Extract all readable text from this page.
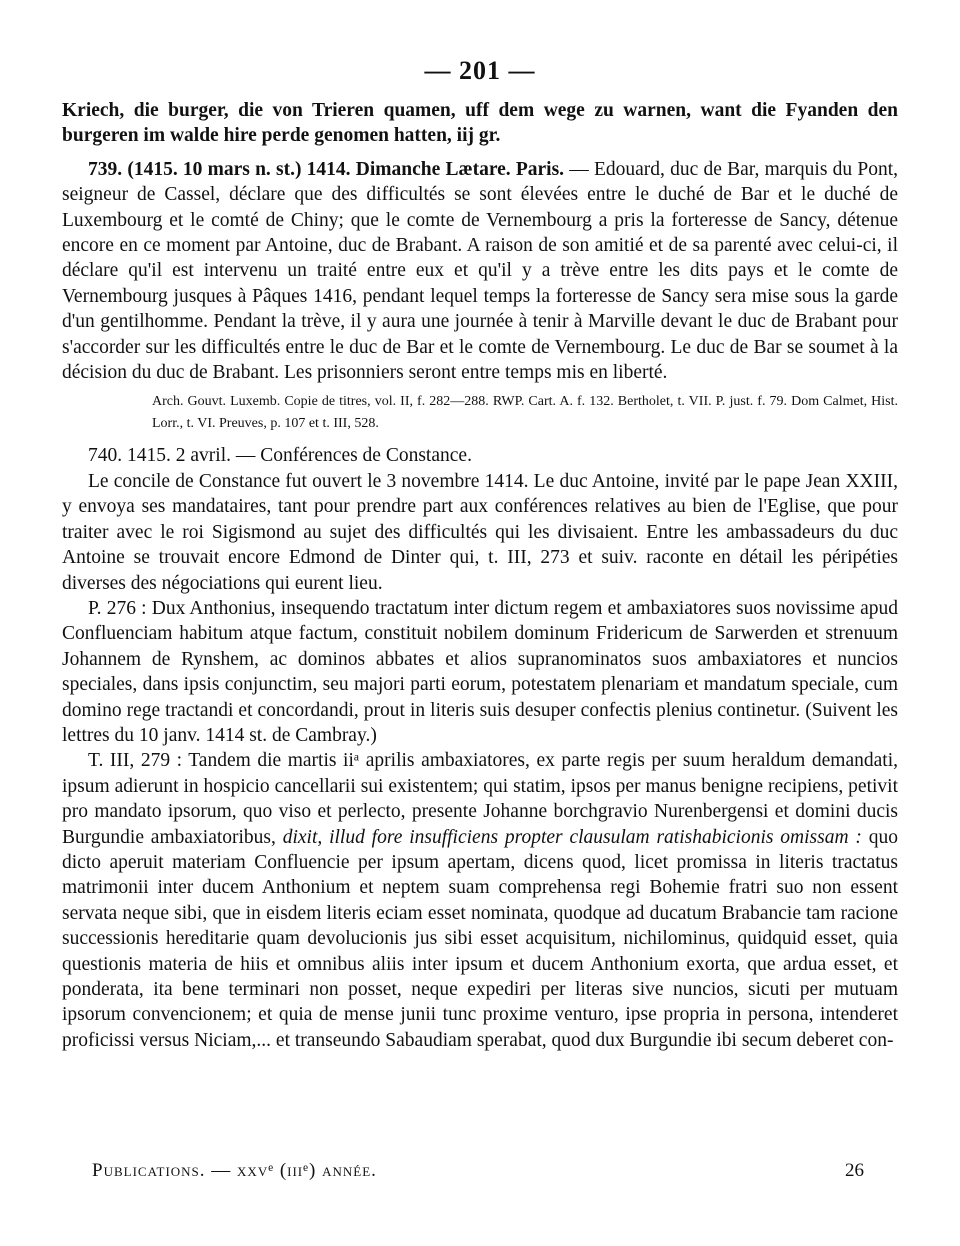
— 201 —

Kriech, die burger, die von Trieren quamen, uff dem wege zu warnen, want die Fyanden den burgeren im walde hire perde genomen hatten, iij gr.

739. (1415. 10 mars n. st.) 1414. Dimanche Lætare. Paris. — Edouard, duc de Bar, marquis du Pont, seigneur de Cassel, déclare que des difficultés se sont élevées entre le duché de Bar et le duché de Luxembourg et le comté de Chiny; que le comte de Vernembourg a pris la forteresse de Sancy, détenue encore en ce moment par Antoine, duc de Brabant. A raison de son amitié et de sa parenté avec celui-ci, il déclare qu'il est intervenu un traité entre eux et qu'il y a trève entre les dits pays et le comte de Vernembourg jusques à Pâques 1416, pendant lequel temps la forteresse de Sancy sera mise sous la garde d'un gentilhomme. Pendant la trève, il y aura une journée à tenir à Marville devant le duc de Brabant pour s'accorder sur les difficultés entre le duc de Bar et le comte de Vernembourg. Le duc de Bar se soumet à la décision du duc de Brabant. Les prisonniers seront entre temps mis en liberté.

Arch. Gouvt. Luxemb. Copie de titres, vol. II, f. 282—288. RWP. Cart. A. f. 132. Bertholet, t. VII. P. just. f. 79. Dom Calmet, Hist. Lorr., t. VI. Preuves, p. 107 et t. III, 528.

740. 1415. 2 avril. — Conférences de Constance.

Le concile de Constance fut ouvert le 3 novembre 1414. Le duc Antoine, invité par le pape Jean XXIII, y envoya ses mandataires, tant pour prendre part aux conférences relatives au bien de l'Eglise, que pour traiter avec le roi Sigismond au sujet des difficultés qui les divisaient. Entre les ambassadeurs du duc Antoine se trouvait encore Edmond de Dinter qui, t. III, 273 et suiv. raconte en détail les péripéties diverses des négociations qui eurent lieu.

P. 276 : Dux Anthonius, insequendo tractatum inter dictum regem et ambaxiatores suos novissime apud Confluenciam habitum atque factum, constituit nobilem dominum Fridericum de Sarwerden et strenuum Johannem de Rynshem, ac dominos abbates et alios supranominatos suos ambaxiatores et nuncios speciales, dans ipsis conjunctim, seu majori parti eorum, potestatem plenariam et mandatum speciale, cum domino rege tractandi et concordandi, prout in literis suis desuper confectis plenius continetur. (Suivent les lettres du 10 janv. 1414 st. de Cambray.)

T. III, 279 : Tandem die martis iiᵃ aprilis ambaxiatores, ex parte regis per suum heraldum demandati, ipsum adierunt in hospicio cancellarii sui existentem; qui statim, ipsos per manus benigne recipiens, petivit pro mandato ipsorum, quo viso et perlecto, presente Johanne borchgravio Nurenbergensi et domini ducis Burgundie ambaxiatoribus, dixit, illud fore insufficiens propter clausulam ratishabicionis omissam : quo dicto aperuit materiam Confluencie per ipsum apertam, dicens quod, licet promissa in literis tractatus matrimonii inter ducem Anthonium et neptem suam comprehensa regi Bohemie fratri suo non essent servata neque sibi, que in eisdem literis eciam esset nominata, quodque ad ducatum Brabancie tam racione successionis hereditarie quam devolucionis jus sibi esset acquisitum, nichilominus, quidquid esset, quia questionis materia de hiis et omnibus aliis inter ipsum et ducem Anthonium exorta, que ardua esset, et ponderata, ita bene terminari non posset, neque expediri per literas sive nuncios, sicuti per mutuam ipsorum convencionem; et quia de mense junii tunc proxime venturo, ipse propria in persona, intenderet proficissi versus Niciam,... et transeundo Sabaudiam sperabat, quod dux Burgundie ibi secum deberet con-

Publications. — xxvᵉ (iiiᵉ) année.	26
